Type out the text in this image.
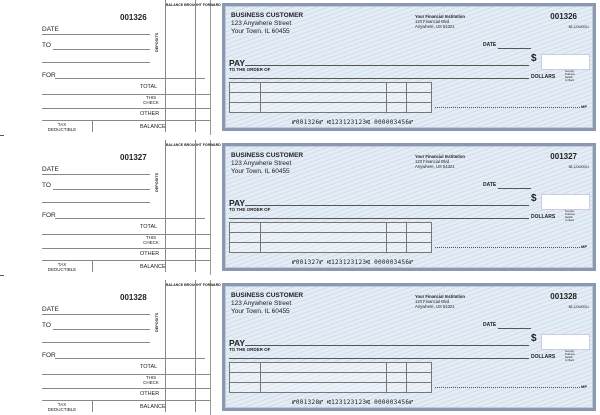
001326
BALANCE BROUGHT FORWARD
DATE
TO	DEPOSITS
FOR
TOTAL
THIS
CHECK
OTHER
TAX
DEDUCTIBLE	BALANCE
BUSINESS CUSTOMER
123 Anywhere Street
Your Town, IL 60455
Your Financial Institution
123 Financial Blvd
Anywhere, US 54321
001326
88-1234/0001
DATE
PAY
TO THE ORDER OF
$
DOLLARS
Security
Features
Details
on Back
MP
⑈001326⑈ ⑆123123123⑆ 000003456⑈
001327
BALANCE BROUGHT FORWARD
DATE
TO	DEPOSITS
FOR
TOTAL
THIS
CHECK
OTHER
TAX
DEDUCTIBLE	BALANCE
BUSINESS CUSTOMER
123 Anywhere Street
Your Town, IL 60455
Your Financial Institution
123 Financial Blvd
Anywhere, US 54321
001327
88-1234/0001
DATE
PAY
TO THE ORDER OF
$
DOLLARS
Security
Features
Details
on Back
MP
⑈001327⑈ ⑆123123123⑆ 000003456⑈
001328
BALANCE BROUGHT FORWARD
DATE
TO	DEPOSITS
FOR
TOTAL
THIS
CHECK
OTHER
TAX
DEDUCTIBLE	BALANCE
BUSINESS CUSTOMER
123 Anywhere Street
Your Town, IL 60455
Your Financial Institution
123 Financial Blvd
Anywhere, US 54321
001328
88-1234/0001
DATE
PAY
TO THE ORDER OF
$
DOLLARS
Security
Features
Details
on Back
MP
⑈001328⑈ ⑆123123123⑆ 000003456⑈
